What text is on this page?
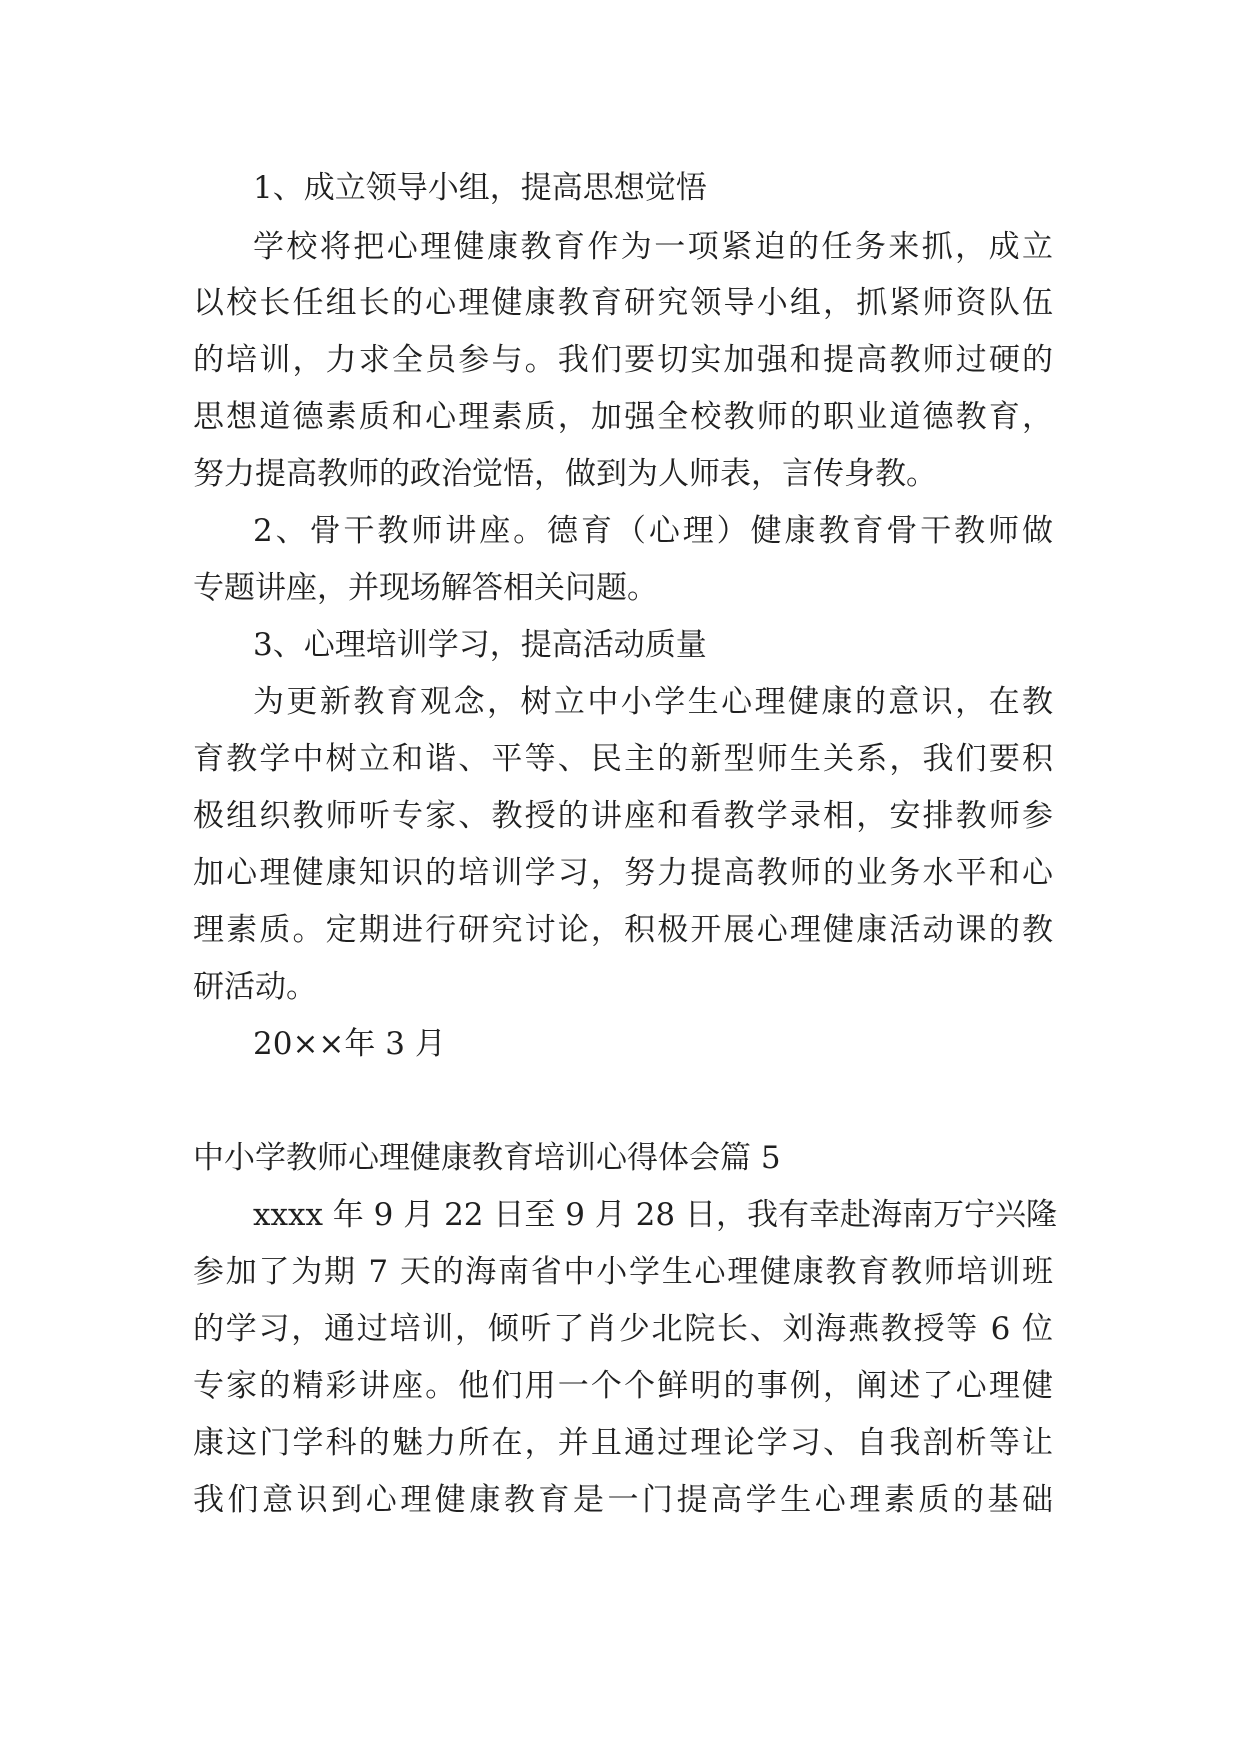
1、成立领导小组，提高思想觉悟
学校将把心理健康教育作为一项紧迫的任务来抓，成立
以校长任组长的心理健康教育研究领导小组，抓紧师资队伍
的培训，力求全员参与。我们要切实加强和提高教师过硬的
思想道德素质和心理素质，加强全校教师的职业道德教育，
努力提高教师的政治觉悟，做到为人师表，言传身教。
2、骨干教师讲座。德育（心理）健康教育骨干教师做
专题讲座，并现场解答相关问题。
3、心理培训学习，提高活动质量
为更新教育观念，树立中小学生心理健康的意识，在教
育教学中树立和谐、平等、民主的新型师生关系，我们要积
极组织教师听专家、教授的讲座和看教学录相，安排教师参
加心理健康知识的培训学习，努力提高教师的业务水平和心
理素质。定期进行研究讨论，积极开展心理健康活动课的教
研活动。
20××年 3 月
中小学教师心理健康教育培训心得体会篇 5
xxxx 年 9 月 22 日至 9 月 28 日，我有幸赴海南万宁兴隆
参加了为期 7 天的海南省中小学生心理健康教育教师培训班
的学习，通过培训，倾听了肖少北院长、刘海燕教授等 6 位
专家的精彩讲座。他们用一个个鲜明的事例，阐述了心理健
康这门学科的魅力所在，并且通过理论学习、自我剖析等让
我们意识到心理健康教育是一门提高学生心理素质的基础
